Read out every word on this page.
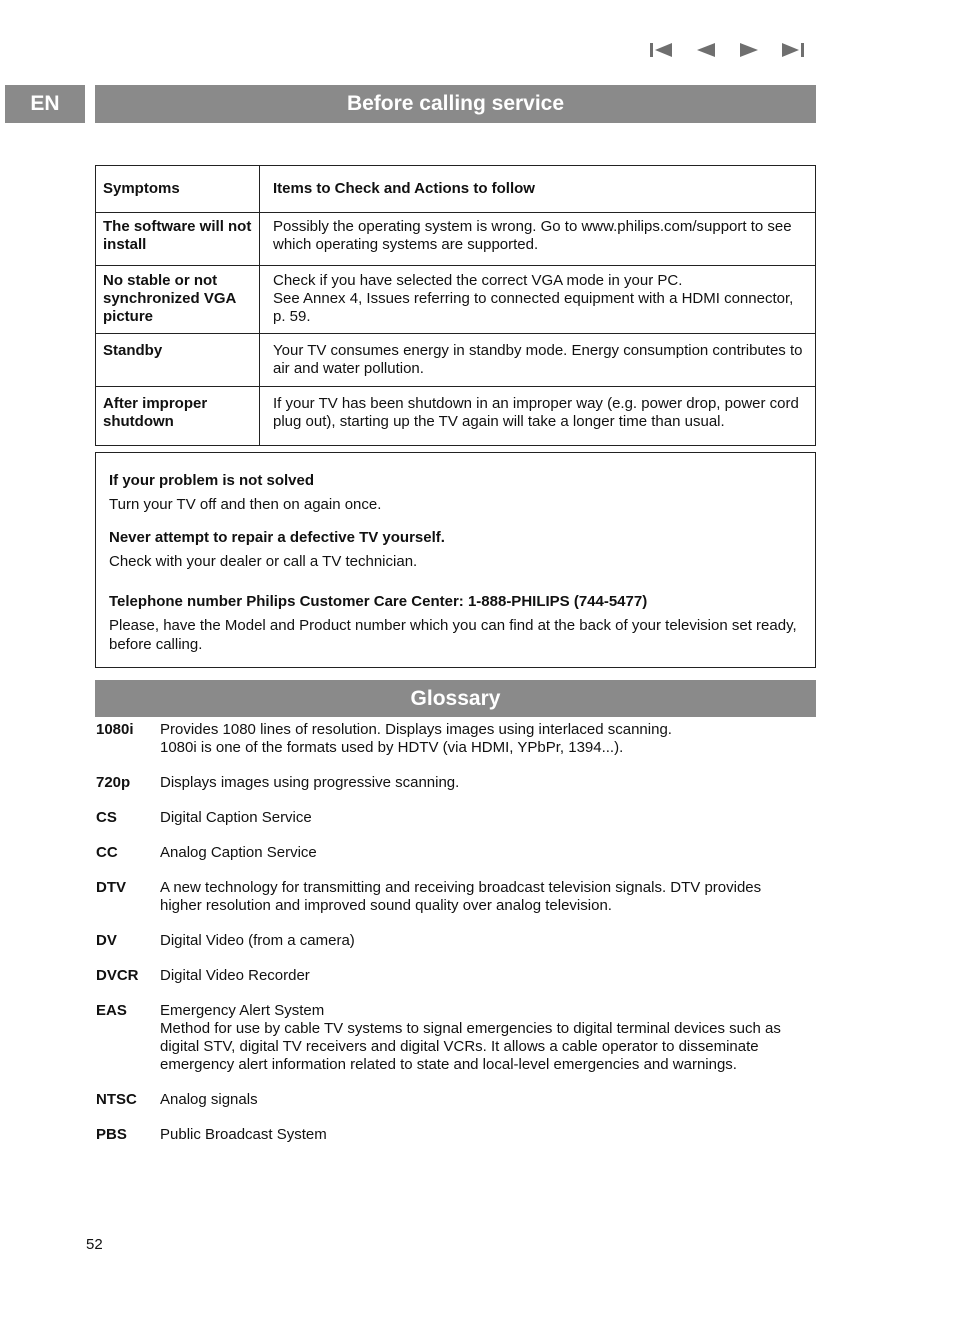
EN	Before calling service
Symptoms	Items to Check and Actions to follow
The software will not install	Possibly the operating system is wrong. Go to www.philips.com/support to see which operating systems are supported.
No stable or not synchronized VGA picture	Check if you have selected the correct VGA mode in your PC.
See Annex 4, Issues referring to connected equipment with a HDMI connector, p. 59.

Standby	Your TV consumes energy in standby mode. Energy consumption contributes to air and water pollution.
After improper shutdown	If your TV has been shutdown in an improper way (e.g. power drop, power cord plug out), starting up the TV again will take a longer time than usual.
If your problem is not solved
Turn your TV off and then on again once.
Never attempt to repair a defective TV yourself.
Check with your dealer or call a TV technician.
Telephone number Philips Customer Care Center: 1-888-PHILIPS (744-5477)
Please, have the Model and Product number which you can find at the back of your television set ready, before calling.
Glossary
1080i	Provides 1080 lines of resolution. Displays images using interlaced scanning.
1080i is one of the formats used by HDTV (via HDMI, YPbPr, 1394...).
720p	Displays images using progressive scanning.
CS	Digital Caption Service
CC	Analog Caption Service
DTV	A new technology for transmitting and receiving broadcast television signals. DTV provides higher resolution and improved sound quality over analog television.
DV	Digital Video (from a camera)
DVCR	Digital Video Recorder
EAS	Emergency Alert System
Method for use by cable TV systems to signal emergencies to digital terminal devices such as digital STV, digital TV receivers and digital VCRs. It allows a cable operator to disseminate emergency alert information related to state and local-level emergencies and warnings.
NTSC	Analog signals
PBS	Public Broadcast System
52
